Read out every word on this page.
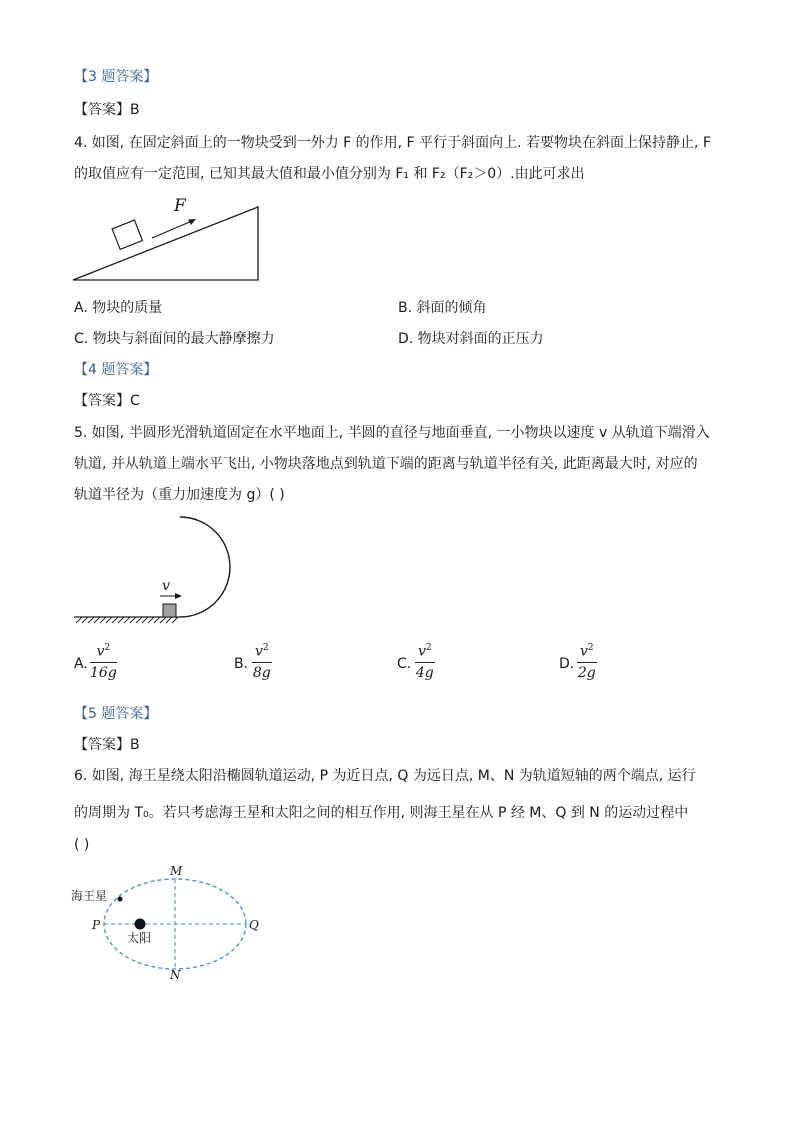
【3 题答案】
【答案】B
4. 如图, 在固定斜面上的一物块受到一外力 F 的作用, F 平行于斜面向上. 若要物块在斜面上保持静止, F
的取值应有一定范围, 已知其最大值和最小值分别为 F₁ 和 F₂（F₂＞0）.由此可求出
F
A. 物块的质量	B. 斜面的倾角
C. 物块与斜面间的最大静摩擦力	D. 物块对斜面的正压力
【4 题答案】
【答案】C
5. 如图, 半圆形光滑轨道固定在水平地面上, 半圆的直径与地面垂直, 一小物块以速度 v 从轨道下端滑入
轨道, 并从轨道上端水平飞出, 小物块落地点到轨道下端的距离与轨道半径有关, 此距离最大时, 对应的
轨道半径为（重力加速度为 g）( )
v
A. $\frac{v^2}{16g}$	B. $\frac{v^2}{8g}$	C. $\frac{v^2}{4g}$	D. $\frac{v^2}{2g}$
【5 题答案】
【答案】B
6. 如图, 海王星绕太阳沿椭圆轨道运动, P 为近日点, Q 为远日点, M、N 为轨道短轴的两个端点, 运行
的周期为 T₀。若只考虑海王星和太阳之间的相互作用, 则海王星在从 P 经 M、Q 到 N 的运动过程中
( )
海王星
太阳
P	Q
M
N
